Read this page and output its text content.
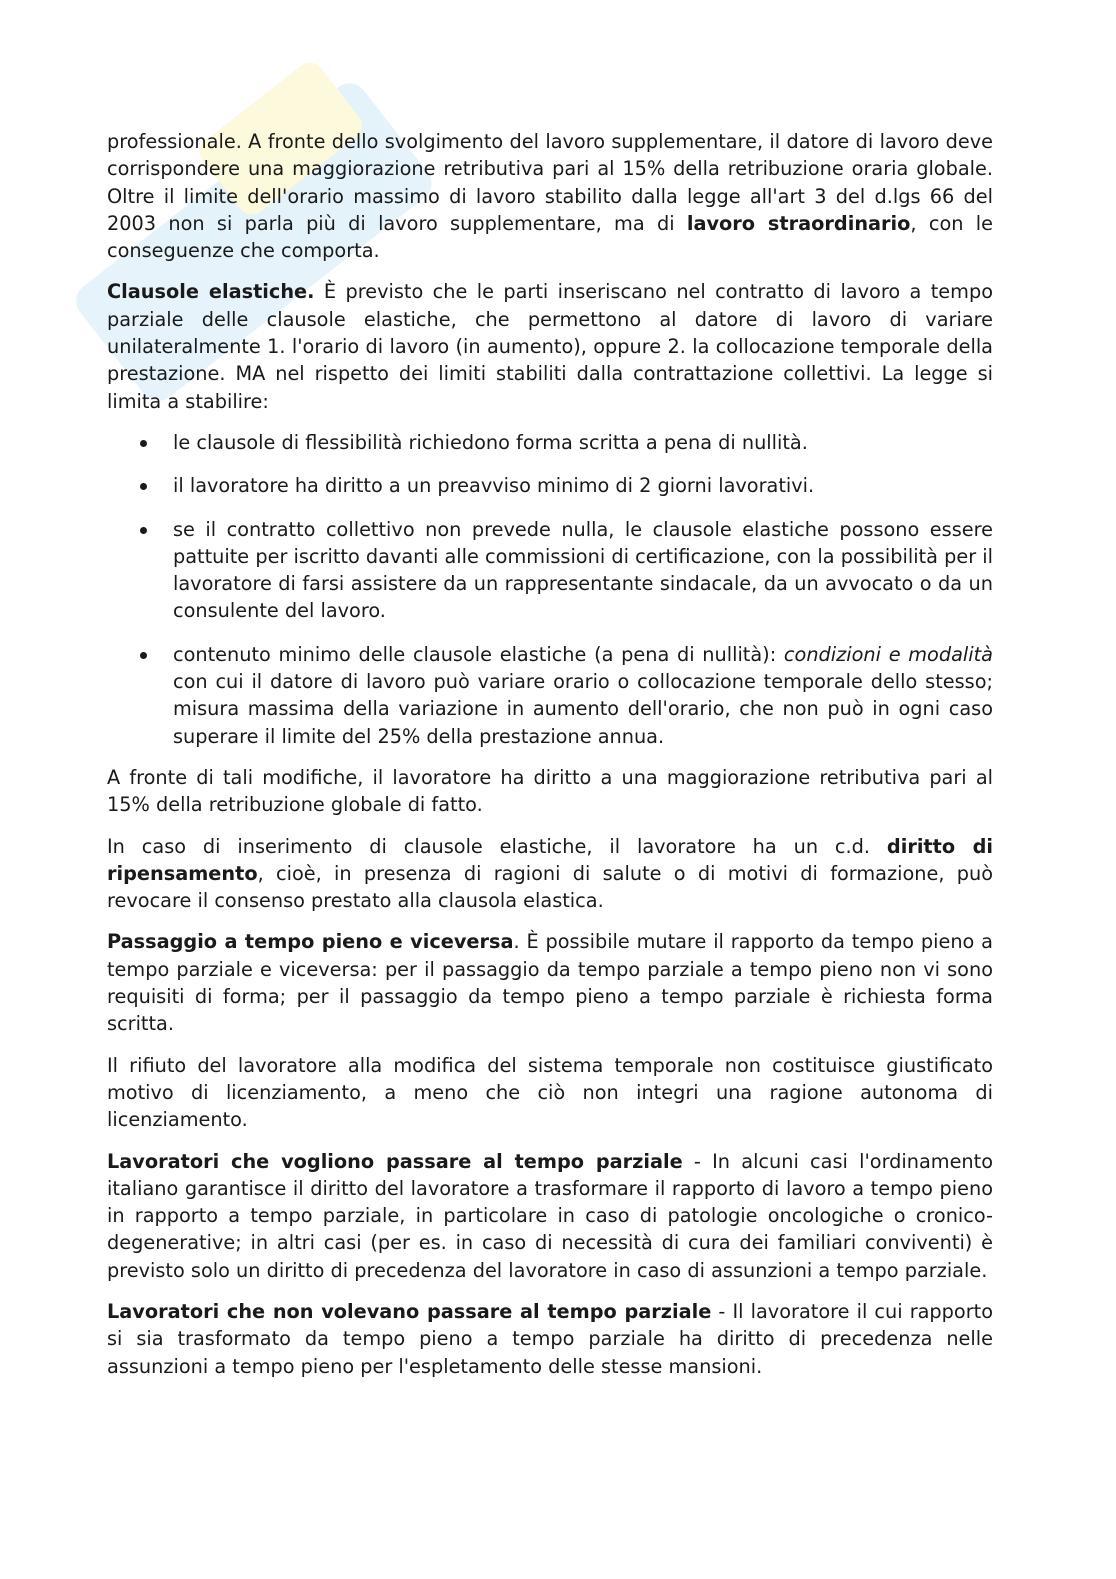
professionale. A fronte dello svolgimento del lavoro supplementare, il datore di lavoro deve corrispondere una maggiorazione retributiva pari al 15% della retribuzione oraria globale. Oltre il limite dell'orario massimo di lavoro stabilito dalla legge all'art 3 del d.lgs 66 del 2003 non si parla più di lavoro supplementare, ma di lavoro straordinario, con le conseguenze che comporta.

Clausole elastiche. È previsto che le parti inseriscano nel contratto di lavoro a tempo parziale delle clausole elastiche, che permettono al datore di lavoro di variare unilateralmente 1. l'orario di lavoro (in aumento), oppure 2. la collocazione temporale della prestazione. MA nel rispetto dei limiti stabiliti dalla contrattazione collettivi. La legge si limita a stabilire:

le clausole di flessibilità richiedono forma scritta a pena di nullità.
il lavoratore ha diritto a un preavviso minimo di 2 giorni lavorativi.
se il contratto collettivo non prevede nulla, le clausole elastiche possono essere pattuite per iscritto davanti alle commissioni di certificazione, con la possibilità per il lavoratore di farsi assistere da un rappresentante sindacale, da un avvocato o da un consulente del lavoro.
contenuto minimo delle clausole elastiche (a pena di nullità): condizioni e modalità con cui il datore di lavoro può variare orario o collocazione temporale dello stesso; misura massima della variazione in aumento dell'orario, che non può in ogni caso superare il limite del 25% della prestazione annua.

A fronte di tali modifiche, il lavoratore ha diritto a una maggiorazione retributiva pari al 15% della retribuzione globale di fatto.

In caso di inserimento di clausole elastiche, il lavoratore ha un c.d. diritto di ripensamento, cioè, in presenza di ragioni di salute o di motivi di formazione, può revocare il consenso prestato alla clausola elastica.

Passaggio a tempo pieno e viceversa. È possibile mutare il rapporto da tempo pieno a tempo parziale e viceversa: per il passaggio da tempo parziale a tempo pieno non vi sono requisiti di forma; per il passaggio da tempo pieno a tempo parziale è richiesta forma scritta.

Il rifiuto del lavoratore alla modifica del sistema temporale non costituisce giustificato motivo di licenziamento, a meno che ciò non integri una ragione autonoma di licenziamento.

Lavoratori che vogliono passare al tempo parziale - In alcuni casi l'ordinamento italiano garantisce il diritto del lavoratore a trasformare il rapporto di lavoro a tempo pieno in rapporto a tempo parziale, in particolare in caso di patologie oncologiche o cronico-degenerative; in altri casi (per es. in caso di necessità di cura dei familiari conviventi) è previsto solo un diritto di precedenza del lavoratore in caso di assunzioni a tempo parziale.

Lavoratori che non volevano passare al tempo parziale - Il lavoratore il cui rapporto si sia trasformato da tempo pieno a tempo parziale ha diritto di precedenza nelle assunzioni a tempo pieno per l'espletamento delle stesse mansioni.
